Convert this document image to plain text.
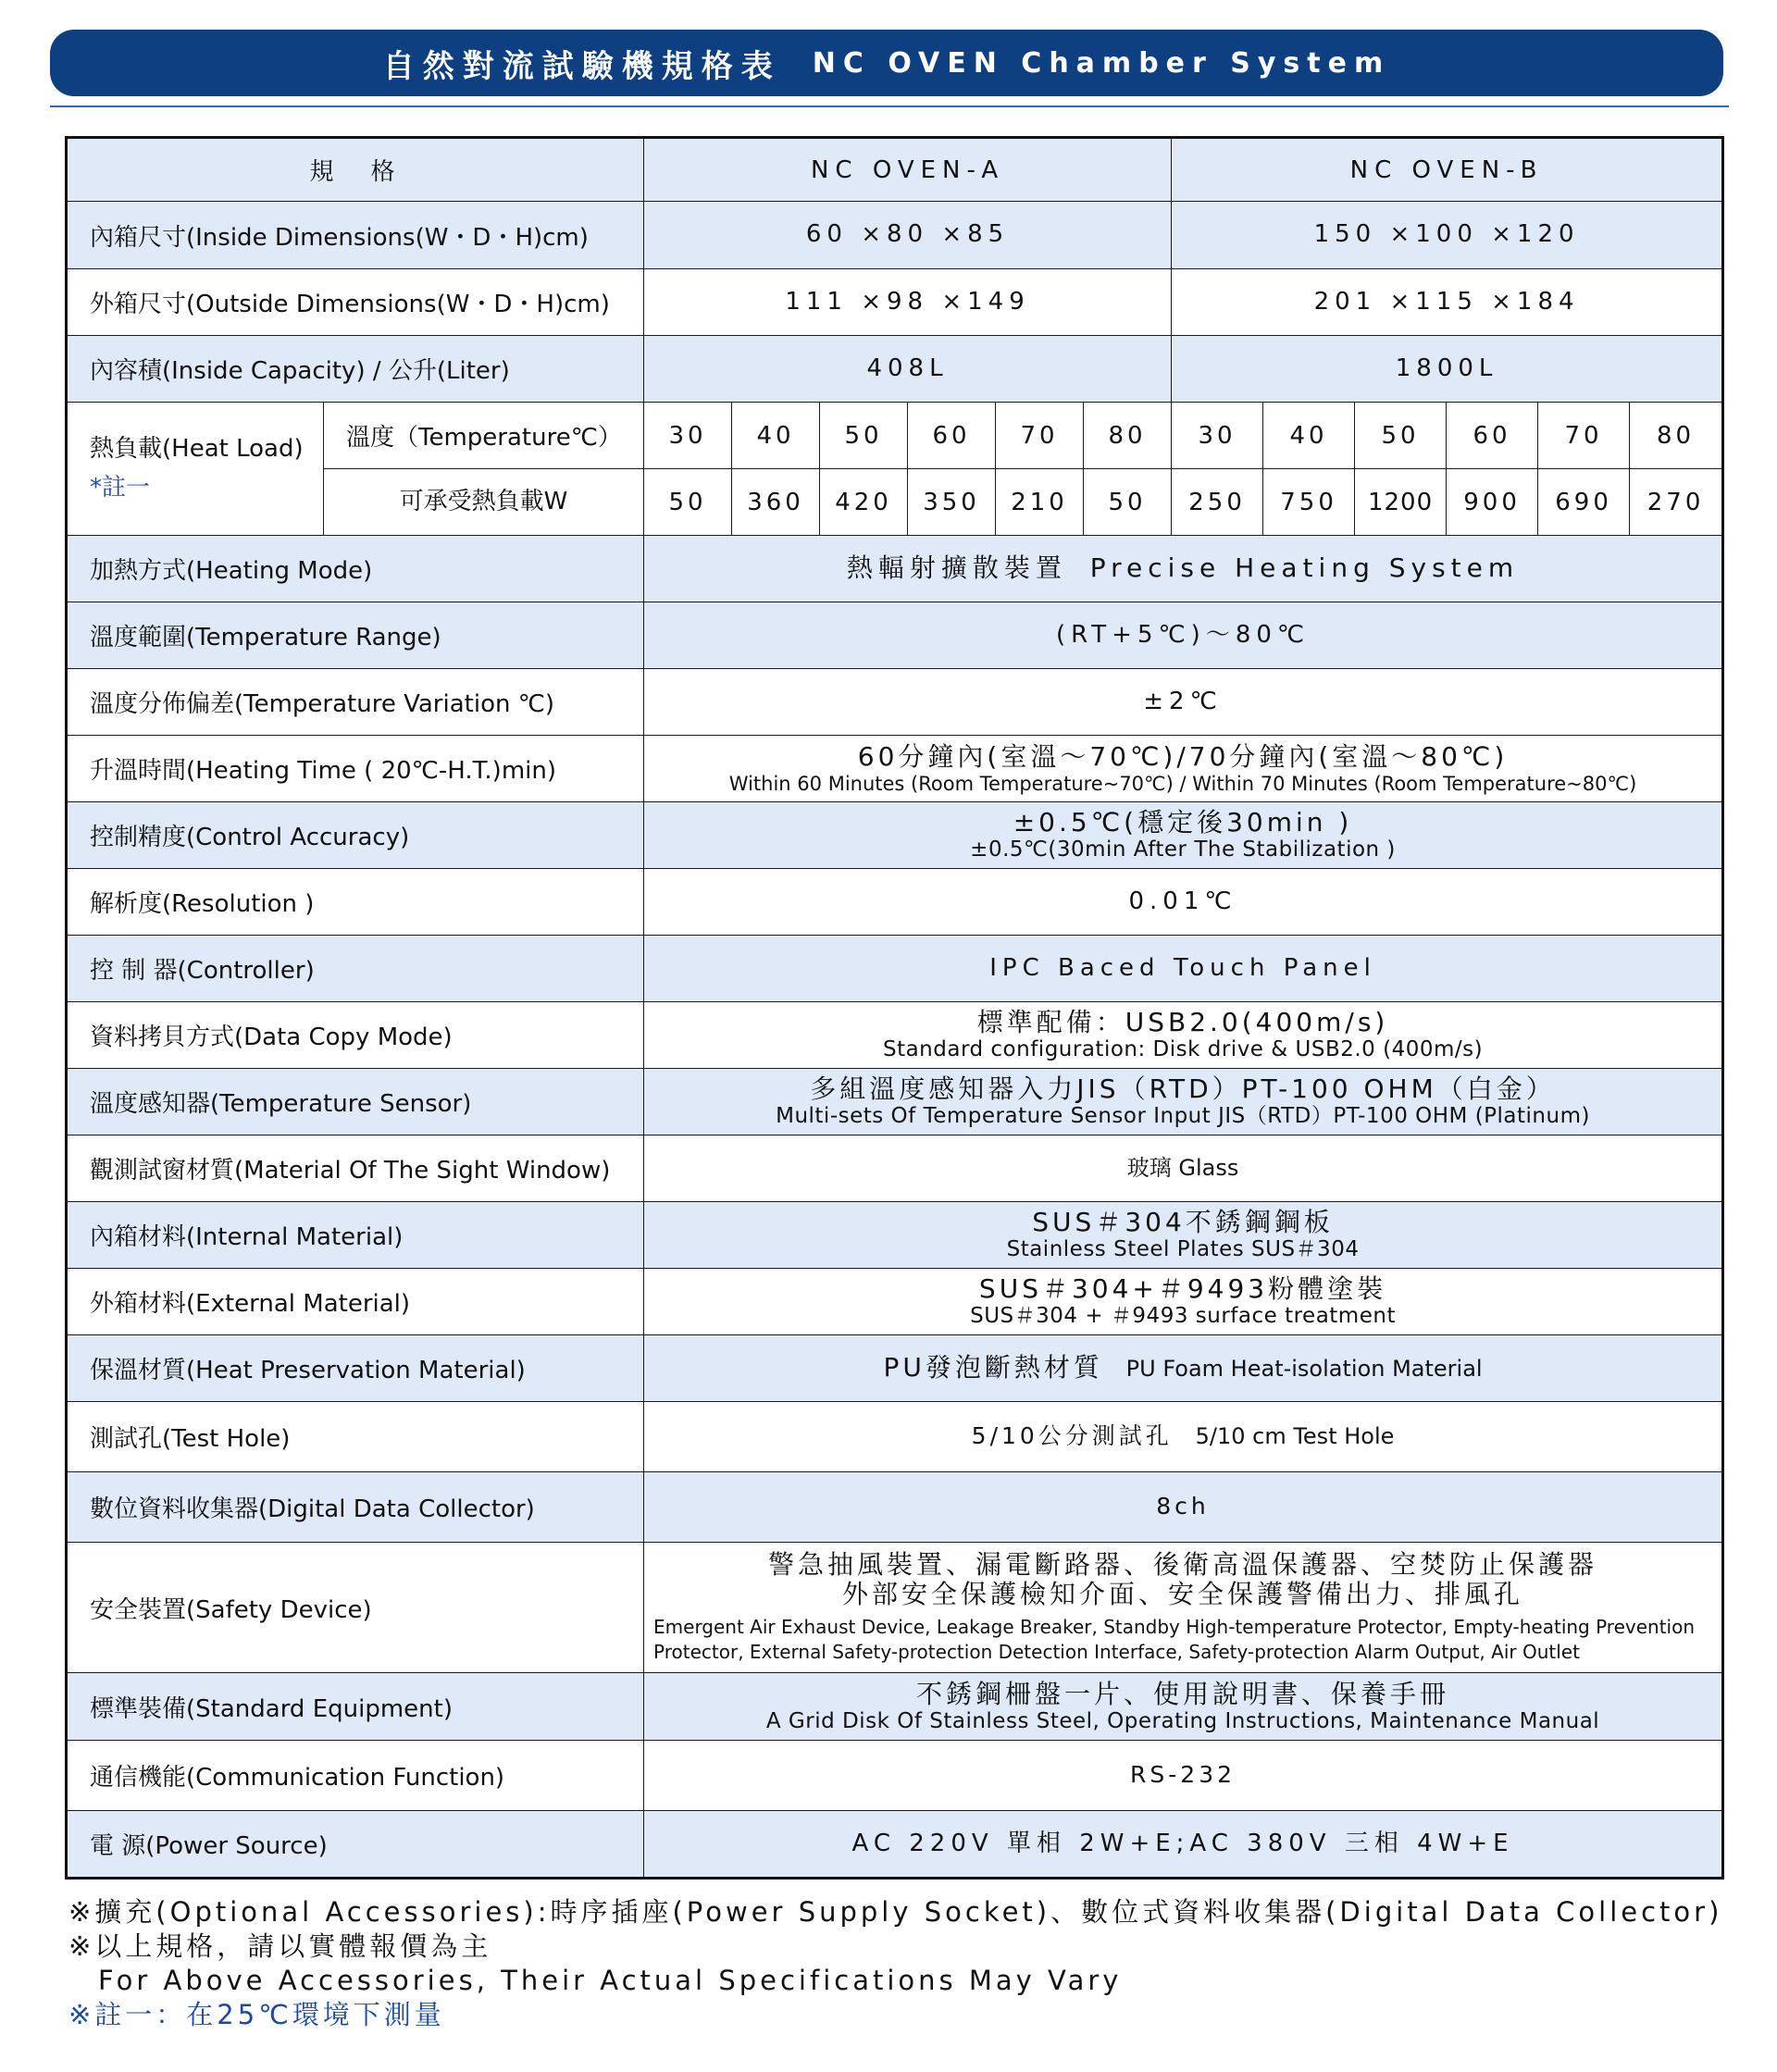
自然對流試驗機規格表 NC OVEN Chamber System
規　格		NC OVEN-A						NC OVEN-B					
內箱尺寸(Inside Dimensions(W・D・H)cm)		60 ×80 ×85						150 ×100 ×120					
外箱尺寸(Outside Dimensions(W・D・H)cm)		111 ×98 ×149						201 ×115 ×184					
內容積(Inside Capacity) / 公升(Liter)		408L						1800L					

熱負載(Heat Load)
*註一	溫度（Temperature℃）	30	40	50	60	70	80	30	40	50	60	70	80
	可承受熱負載W	50	360	420	350	210	50	250	750	1200	900	690	270
加熱方式(Heating Mode)		熱輻射擴散裝置 Precise Heating System											
溫度範圍(Temperature Range)		(RT+5℃)～80℃											
溫度分佈偏差(Temperature Variation ℃)		±2℃											
升溫時間(Heating Time ( 20℃-H.T.)min)		60分鐘內(室溫～70℃)/70分鐘內(室溫～80℃)
Within 60 Minutes (Room Temperature~70℃) / Within 70 Minutes (Room Temperature~80℃)											

控制精度(Control Accuracy)		±0.5℃(穩定後30min )
±0.5℃(30min After The Stabilization )											

解析度(Resolution )		0.01℃											
控 制 器(Controller)		IPC Baced Touch Panel											
資料拷貝方式(Data Copy Mode)		標準配備：USB2.0(400m/s)
Standard configuration: Disk drive & USB2.0 (400m/s)											

溫度感知器(Temperature Sensor)		多組溫度感知器入力JIS（RTD）PT-100 OHM（白金）
Multi-sets Of Temperature Sensor Input JIS（RTD）PT-100 OHM (Platinum)											

觀測試窗材質(Material Of The Sight Window)		玻璃 Glass											
內箱材料(Internal Material)		SUS＃304不銹鋼鋼板
Stainless Steel Plates SUS＃304											

外箱材料(External Material)		SUS＃304+＃9493粉體塗裝
SUS＃304 + ＃9493 surface treatment											

保溫材質(Heat Preservation Material)		PU發泡斷熱材質 PU Foam Heat-isolation Material											
測試孔(Test Hole)		5/10公分測試孔 5/10 cm Test Hole											
數位資料收集器(Digital Data Collector)		8ch											
安全裝置(Safety Device)		警急抽風裝置、漏電斷路器、後衛高溫保護器、空焚防止保護器
外部安全保護檢知介面、安全保護警備出力、排風孔
Emergent Air Exhaust Device, Leakage Breaker, Standby High-temperature Protector, Empty-heating Prevention Protector, External Safety-protection Detection Interface, Safety-protection Alarm Output, Air Outlet											

標準裝備(Standard Equipment)		不銹鋼柵盤一片、使用說明書、保養手冊
A Grid Disk Of Stainless Steel, Operating Instructions, Maintenance Manual											

通信機能(Communication Function)		RS-232											
電 源(Power Source)		AC 220V 單相 2W+E;AC 380V 三相 4W+E											
※擴充(Optional Accessories):時序插座(Power Supply Socket)、數位式資料收集器(Digital Data Collector)
※以上規格，請以實體報價為主
For Above Accessories, Their Actual Specifications May Vary
※註一：在25℃環境下測量
